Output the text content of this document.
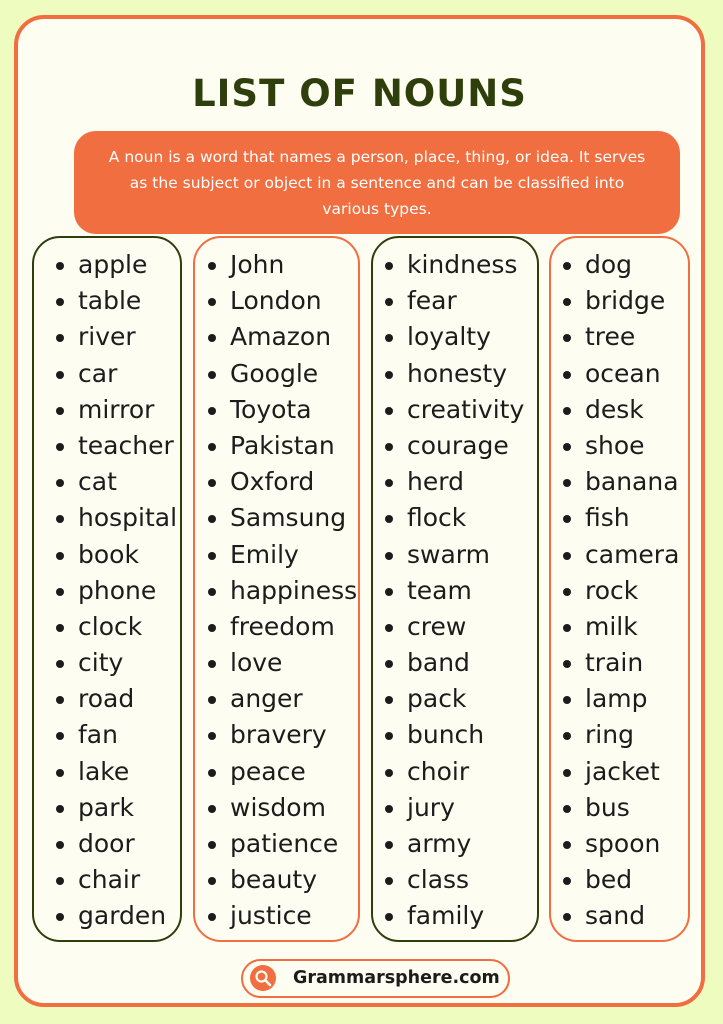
LIST OF NOUNS
A noun is a word that names a person, place, thing, or idea. It serves as the subject or object in a sentence and can be classified into various types.
apple
table
river
car
mirror
teacher
cat
hospital
book
phone
clock
city
road
fan
lake
park
door
chair
garden
John
London
Amazon
Google
Toyota
Pakistan
Oxford
Samsung
Emily
happiness
freedom
love
anger
bravery
peace
wisdom
patience
beauty
justice
kindness
fear
loyalty
honesty
creativity
courage
herd
flock
swarm
team
crew
band
pack
bunch
choir
jury
army
class
family
dog
bridge
tree
ocean
desk
shoe
banana
fish
camera
rock
milk
train
lamp
ring
jacket
bus
spoon
bed
sand
Grammarsphere.com
